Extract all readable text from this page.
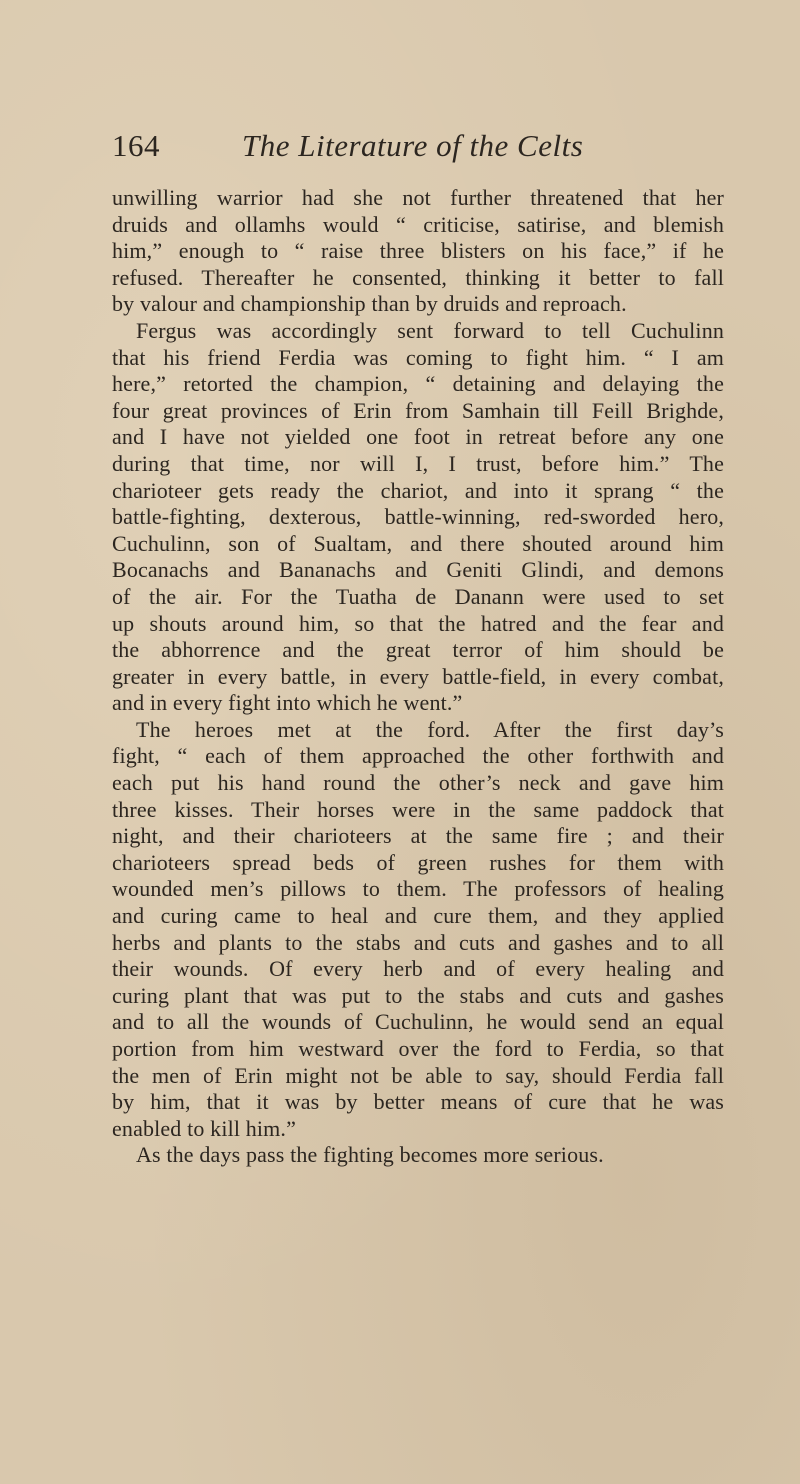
164	The Literature of the Celts
unwilling warrior had she not further threatened that her
druids and ollamhs would “ criticise, satirise, and blemish
him,” enough to “ raise three blisters on his face,” if he
refused. Thereafter he consented, thinking it better to fall
by valour and championship than by druids and reproach.
Fergus was accordingly sent forward to tell Cuchulinn
that his friend Ferdia was coming to fight him. “ I am
here,” retorted the champion, “ detaining and delaying the
four great provinces of Erin from Samhain till Feill Brighde,
and I have not yielded one foot in retreat before any one
during that time, nor will I, I trust, before him.” The
charioteer gets ready the chariot, and into it sprang “ the
battle-fighting, dexterous, battle-winning, red-sworded hero,
Cuchulinn, son of Sualtam, and there shouted around him
Bocanachs and Bananachs and Geniti Glindi, and demons
of the air. For the Tuatha de Danann were used to set
up shouts around him, so that the hatred and the fear and
the abhorrence and the great terror of him should be
greater in every battle, in every battle-field, in every combat,
and in every fight into which he went.”
The heroes met at the ford. After the first day’s
fight, “ each of them approached the other forthwith and
each put his hand round the other’s neck and gave him
three kisses. Their horses were in the same paddock that
night, and their charioteers at the same fire ; and their
charioteers spread beds of green rushes for them with
wounded men’s pillows to them. The professors of healing
and curing came to heal and cure them, and they applied
herbs and plants to the stabs and cuts and gashes and to all
their wounds. Of every herb and of every healing and
curing plant that was put to the stabs and cuts and gashes
and to all the wounds of Cuchulinn, he would send an equal
portion from him westward over the ford to Ferdia, so that
the men of Erin might not be able to say, should Ferdia fall
by him, that it was by better means of cure that he was
enabled to kill him.”
As the days pass the fighting becomes more serious.
